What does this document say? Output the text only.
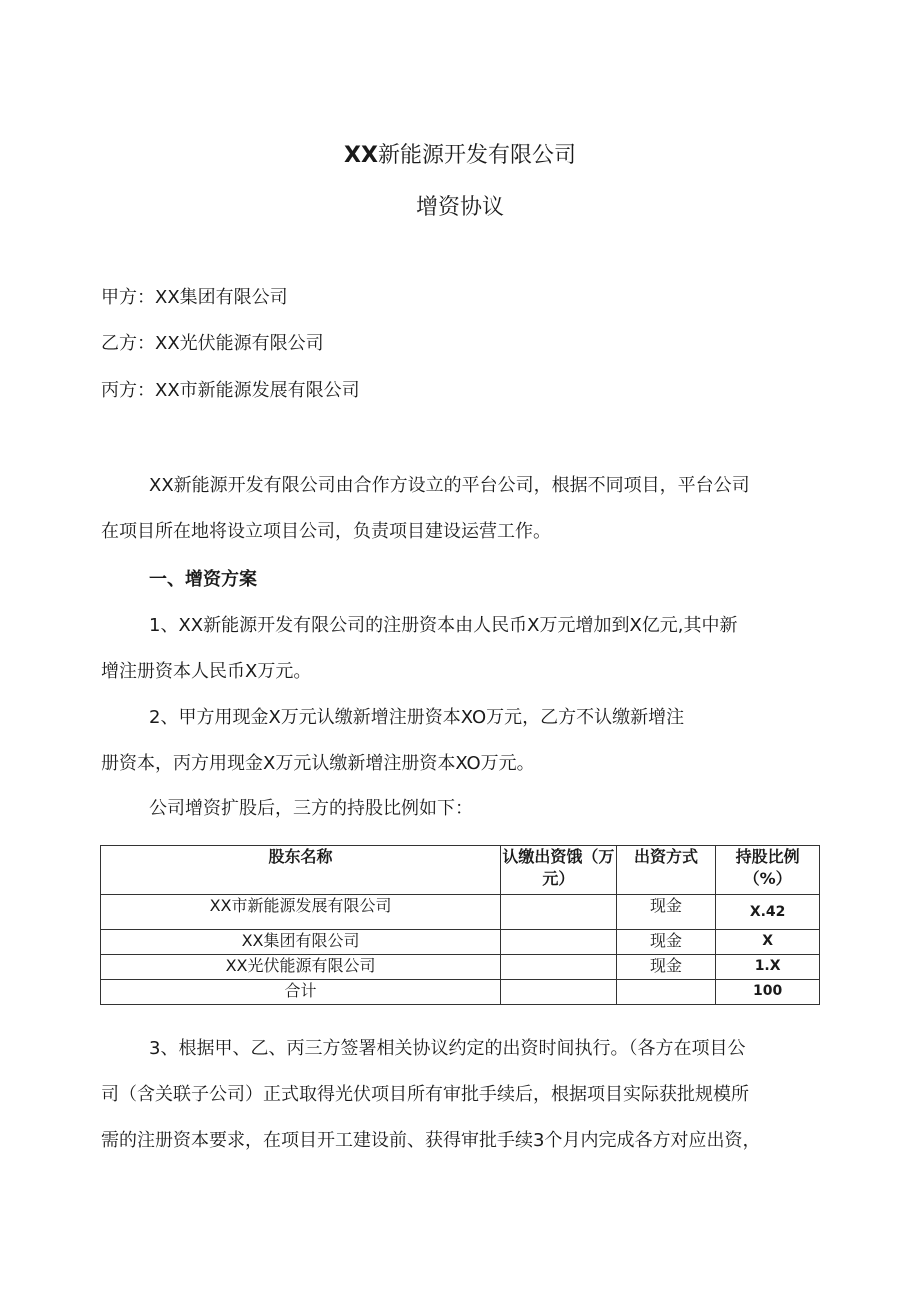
XX新能源开发有限公司
增资协议
甲方：XX集团有限公司
乙方：XX光伏能源有限公司
丙方：XX市新能源发展有限公司
XX新能源开发有限公司由合作方设立的平台公司，根据不同项目，平台公司
在项目所在地将设立项目公司，负责项目建设运营工作。
一、增资方案
1、XX新能源开发有限公司的注册资本由人民币X万元增加到X亿元,其中新
增注册资本人民币X万元。
2、甲方用现金X万元认缴新增注册资本XO万元，乙方不认缴新增注
册资本，丙方用现金X万元认缴新增注册资本XO万元。
公司增资扩股后，三方的持股比例如下：
股东名称	认缴出资饿（万元）	出资方式	持股比例（%）
XX市新能源发展有限公司		现金	X.42
XX集团有限公司		现金	X
XX光伏能源有限公司		现金	1.X
合计			100
3、根据甲、乙、丙三方签署相关协议约定的出资时间执行。（各方在项目公
司（含关联子公司）正式取得光伏项目所有审批手续后，根据项目实际获批规模所
需的注册资本要求，在项目开工建设前、获得审批手续3个月内完成各方对应出资，
